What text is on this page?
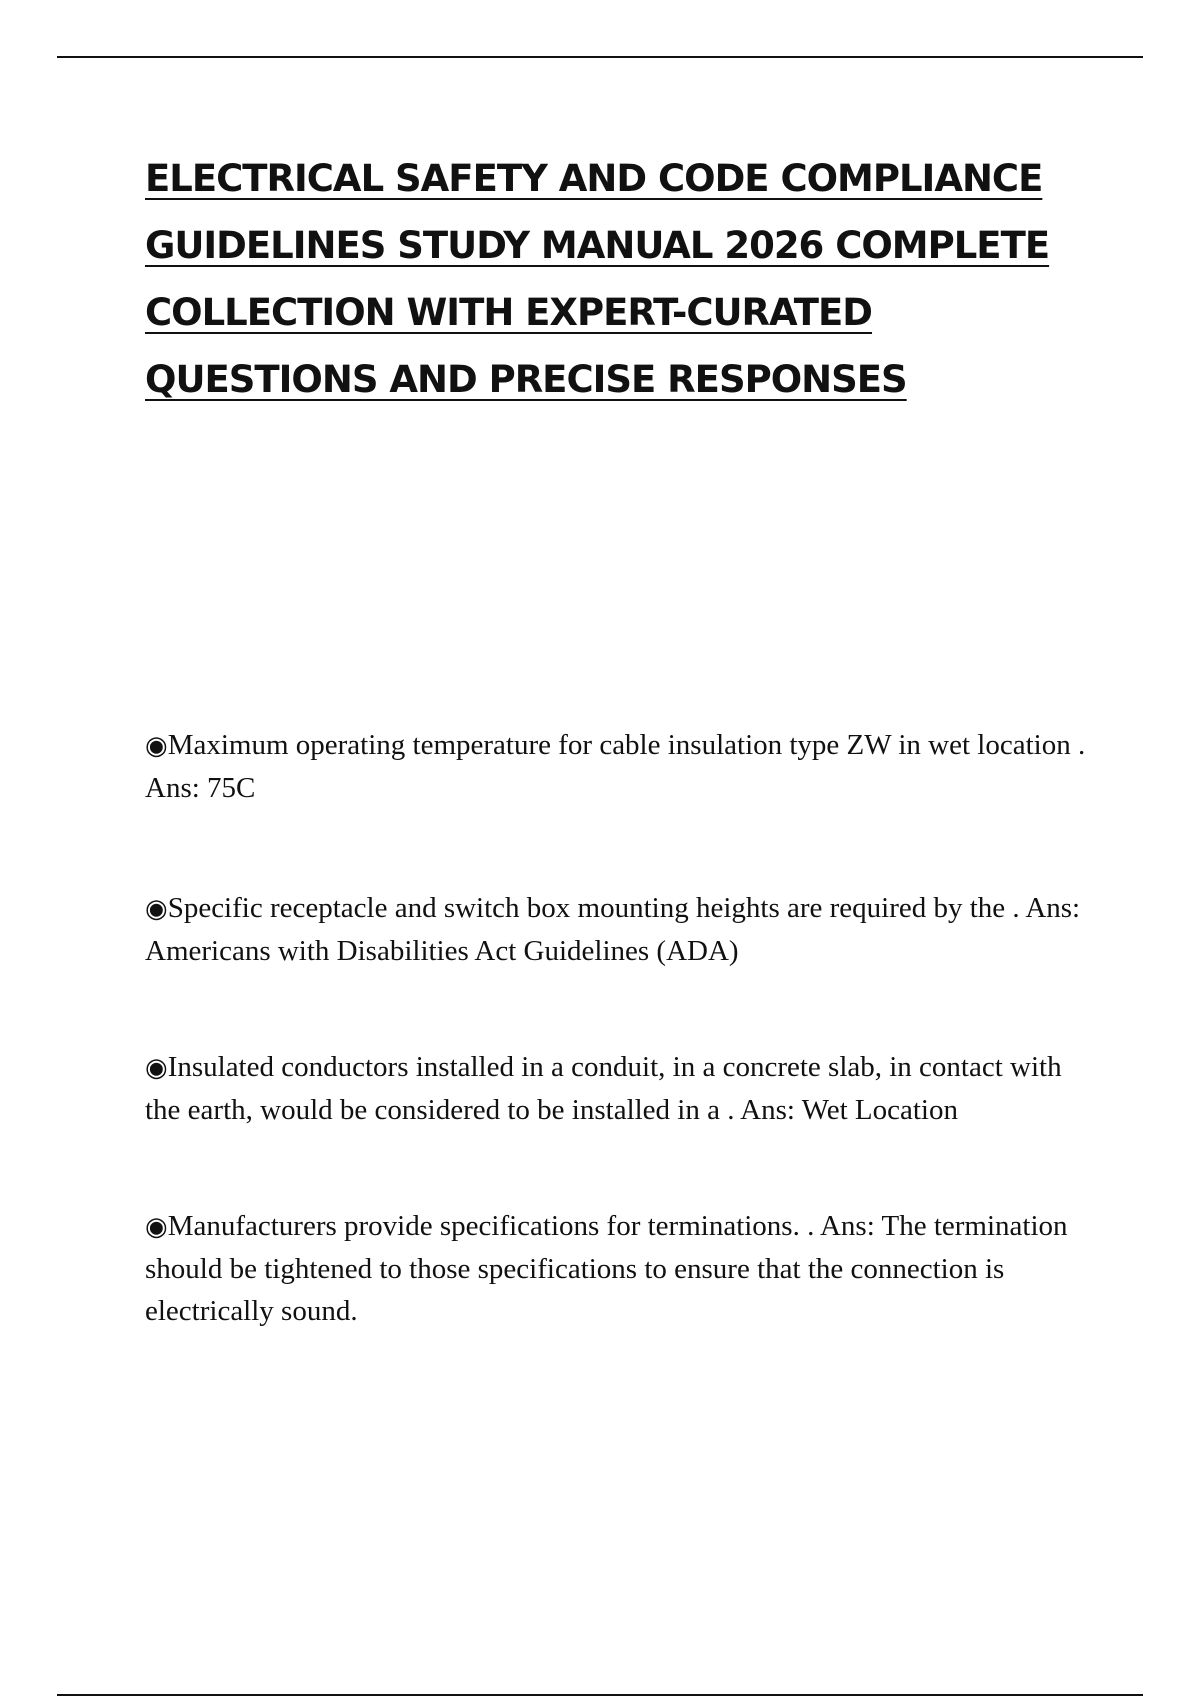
ELECTRICAL SAFETY AND CODE COMPLIANCE GUIDELINES STUDY MANUAL 2026 COMPLETE COLLECTION WITH EXPERT-CURATED QUESTIONS AND PRECISE RESPONSES
◉Maximum operating temperature for cable insulation type ZW in wet location . Ans: 75C
◉Specific receptacle and switch box mounting heights are required by the . Ans: Americans with Disabilities Act Guidelines (ADA)
◉Insulated conductors installed in a conduit, in a concrete slab, in contact with the earth, would be considered to be installed in a . Ans: Wet Location
◉Manufacturers provide specifications for terminations. . Ans: The termination should be tightened to those specifications to ensure that the connection is electrically sound.
